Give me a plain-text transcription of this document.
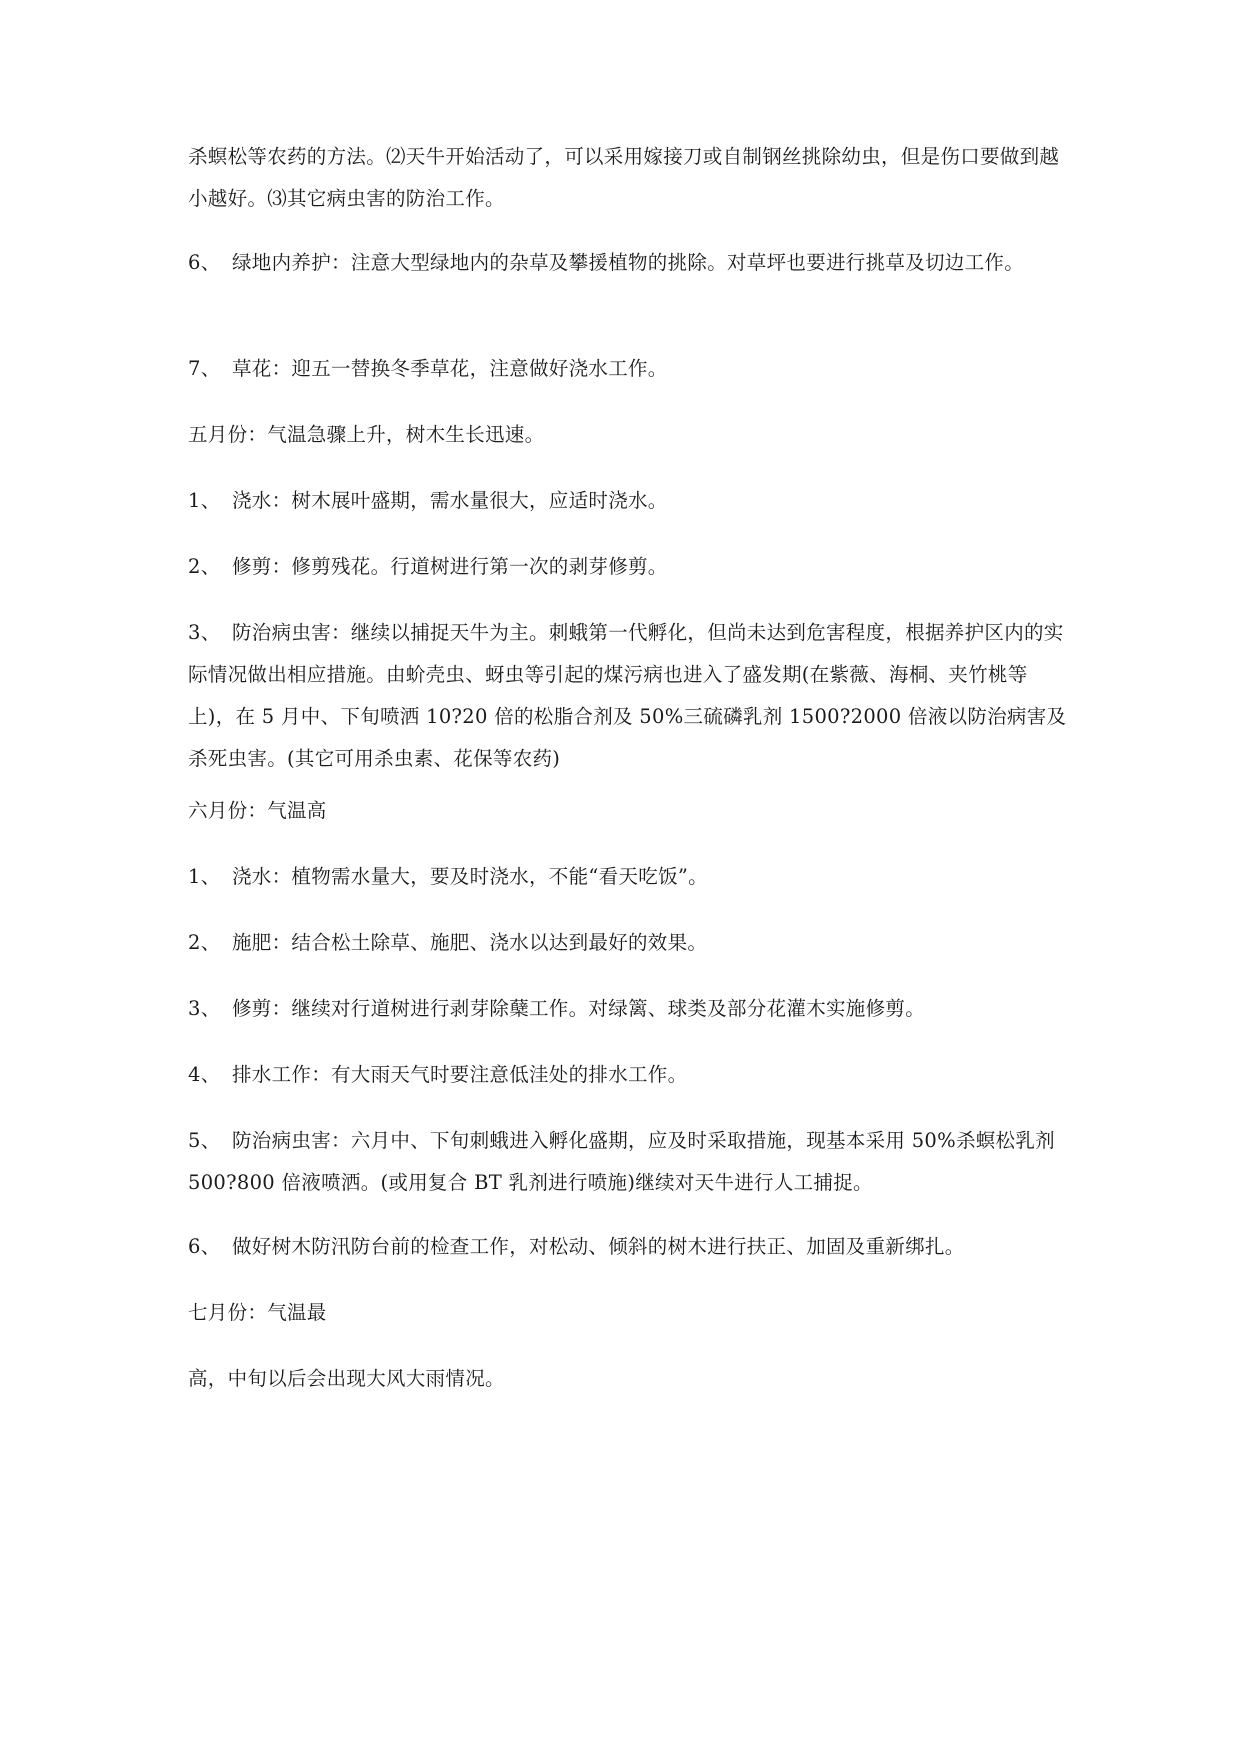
杀螟松等农药的方法。⑵天牛开始活动了，可以采用嫁接刀或自制钢丝挑除幼虫，但是伤口要做到越小越好。⑶其它病虫害的防治工作。

6、 绿地内养护：注意大型绿地内的杂草及攀援植物的挑除。对草坪也要进行挑草及切边工作。

7、 草花：迎五一替换冬季草花，注意做好浇水工作。

五月份：气温急骤上升，树木生长迅速。

1、 浇水：树木展叶盛期，需水量很大，应适时浇水。

2、 修剪：修剪残花。行道树进行第一次的剥芽修剪。

3、 防治病虫害：继续以捕捉天牛为主。刺蛾第一代孵化，但尚未达到危害程度，根据养护区内的实际情况做出相应措施。由蚧壳虫、蚜虫等引起的煤污病也进入了盛发期(在紫薇、海桐、夹竹桃等上)，在 5 月中、下旬喷洒 10?20 倍的松脂合剂及 50%三硫磷乳剂 1500?2000 倍液以防治病害及杀死虫害。(其它可用杀虫素、花保等农药)

六月份：气温高

1、 浇水：植物需水量大，要及时浇水，不能“看天吃饭”。

2、 施肥：结合松土除草、施肥、浇水以达到最好的效果。

3、 修剪：继续对行道树进行剥芽除蘖工作。对绿篱、球类及部分花灌木实施修剪。

4、 排水工作：有大雨天气时要注意低洼处的排水工作。

5、 防治病虫害：六月中、下旬刺蛾进入孵化盛期，应及时采取措施，现基本采用 50%杀螟松乳剂 500?800 倍液喷洒。(或用复合 BT 乳剂进行喷施)继续对天牛进行人工捕捉。

6、 做好树木防汛防台前的检查工作，对松动、倾斜的树木进行扶正、加固及重新绑扎。

七月份：气温最

高，中旬以后会出现大风大雨情况。
